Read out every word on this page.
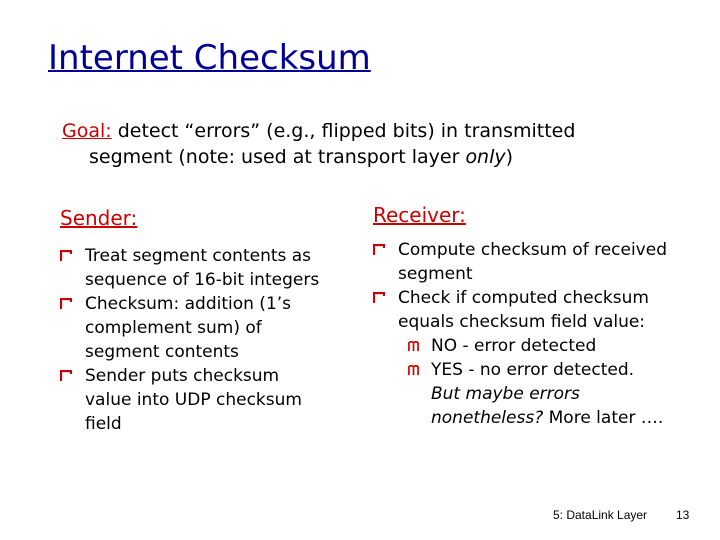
Internet Checksum
Goal: detect “errors” (e.g., flipped bits) in transmitted
segment (note: used at transport layer only)
Sender:
Treat segment contents as sequence of 16-bit integers
Checksum: addition (1’s complement sum) of segment contents
Sender puts checksum value into UDP checksum field
Receiver:
Compute checksum of received segment
Check if computed checksum equals checksum field value:
NO - error detected
YES - no error detected.
But maybe errors nonetheless? More later ….
5: DataLink Layer 13
